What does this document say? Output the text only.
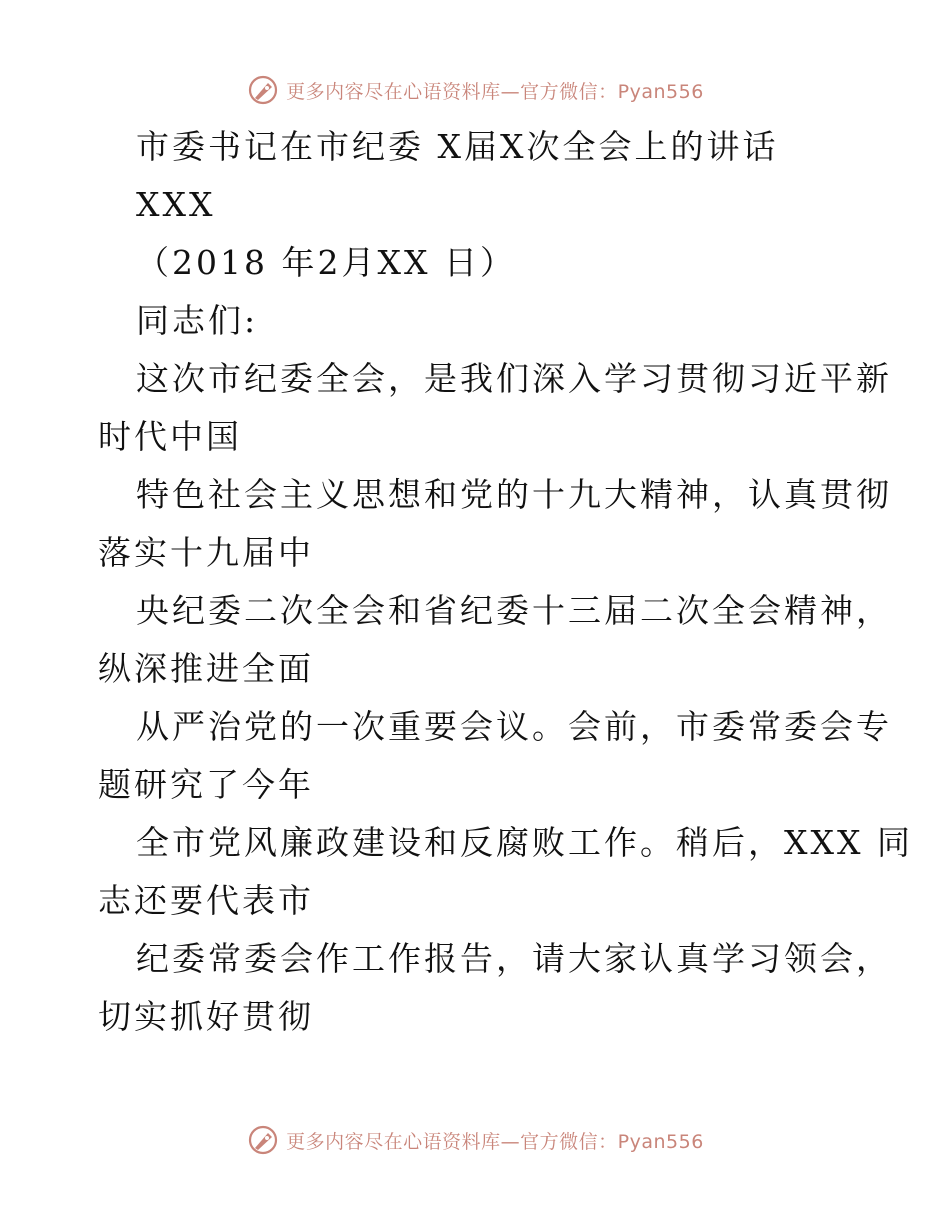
更多内容尽在心语资料库—官方微信：Pyan556
市委书记在市纪委 X届X次全会上的讲话
XXX
（2018 年2月XX 日）
同志们:
这次市纪委全会，是我们深入学习贯彻习近平新
时代中国
特色社会主义思想和党的十九大精神，认真贯彻
落实十九届中
央纪委二次全会和省纪委十三届二次全会精神，
纵深推进全面
从严治党的一次重要会议。会前，市委常委会专
题研究了今年
全市党风廉政建设和反腐败工作。稍后，XXX 同
志还要代表市
纪委常委会作工作报告，请大家认真学习领会，
切实抓好贯彻
更多内容尽在心语资料库—官方微信：Pyan556
